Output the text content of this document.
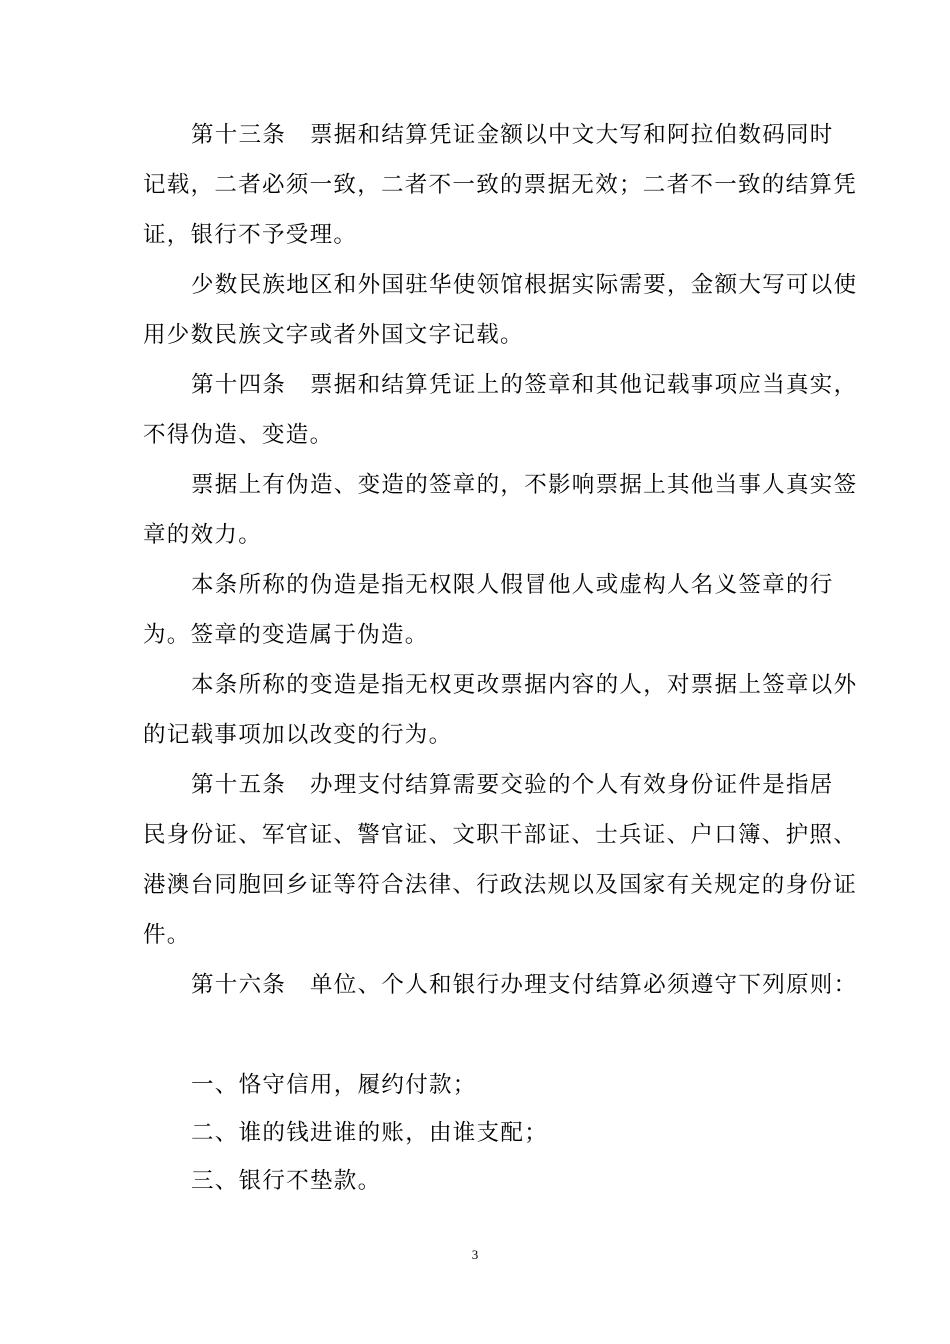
第十三条　票据和结算凭证金额以中文大写和阿拉伯数码同时
记载，二者必须一致，二者不一致的票据无效；二者不一致的结算凭
证，银行不予受理。
少数民族地区和外国驻华使领馆根据实际需要，金额大写可以使
用少数民族文字或者外国文字记载。
第十四条　票据和结算凭证上的签章和其他记载事项应当真实，
不得伪造、变造。
票据上有伪造、变造的签章的，不影响票据上其他当事人真实签
章的效力。
本条所称的伪造是指无权限人假冒他人或虚构人名义签章的行
为。签章的变造属于伪造。
本条所称的变造是指无权更改票据内容的人，对票据上签章以外
的记载事项加以改变的行为。
第十五条　办理支付结算需要交验的个人有效身份证件是指居
民身份证、军官证、警官证、文职干部证、士兵证、户口簿、护照、
港澳台同胞回乡证等符合法律、行政法规以及国家有关规定的身份证
件。
第十六条　单位、个人和银行办理支付结算必须遵守下列原则：
一、恪守信用，履约付款；
二、谁的钱进谁的账，由谁支配；
三、银行不垫款。
3
